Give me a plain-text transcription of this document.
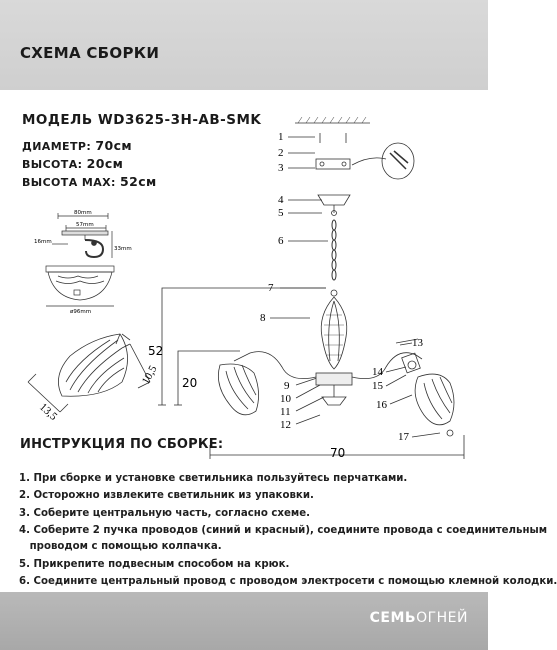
СХЕМА СБОРКИ
МОДЕЛЬ WD3625-3H-AB-SMK
ДИАМЕТР: 70см
ВЫСОТА: 20см
ВЫСОТА МАХ: 52см
80mm
57mm
16mm
33mm
ø96mm
13,5
10,5
1
2
3
4
5
6
7
8
9
10
11
12
13
14
15
16
17
52
20
70
ИНСТРУКЦИЯ ПО СБОРКЕ:
1. При сборке и установке светильника пользуйтесь перчатками.
2. Осторожно извлеките светильник из упаковки.
3. Соберите центральную часть, согласно схеме.
4. Соберите 2 пучка проводов (синий и красный), соедините провода с соединительным
проводом с помощью колпачка.
5. Прикрепите подвесным способом на крюк.
6. Соедините центральный провод с проводом электросети с помощью клемной колодки.
СЕМЬОГНЕЙ
